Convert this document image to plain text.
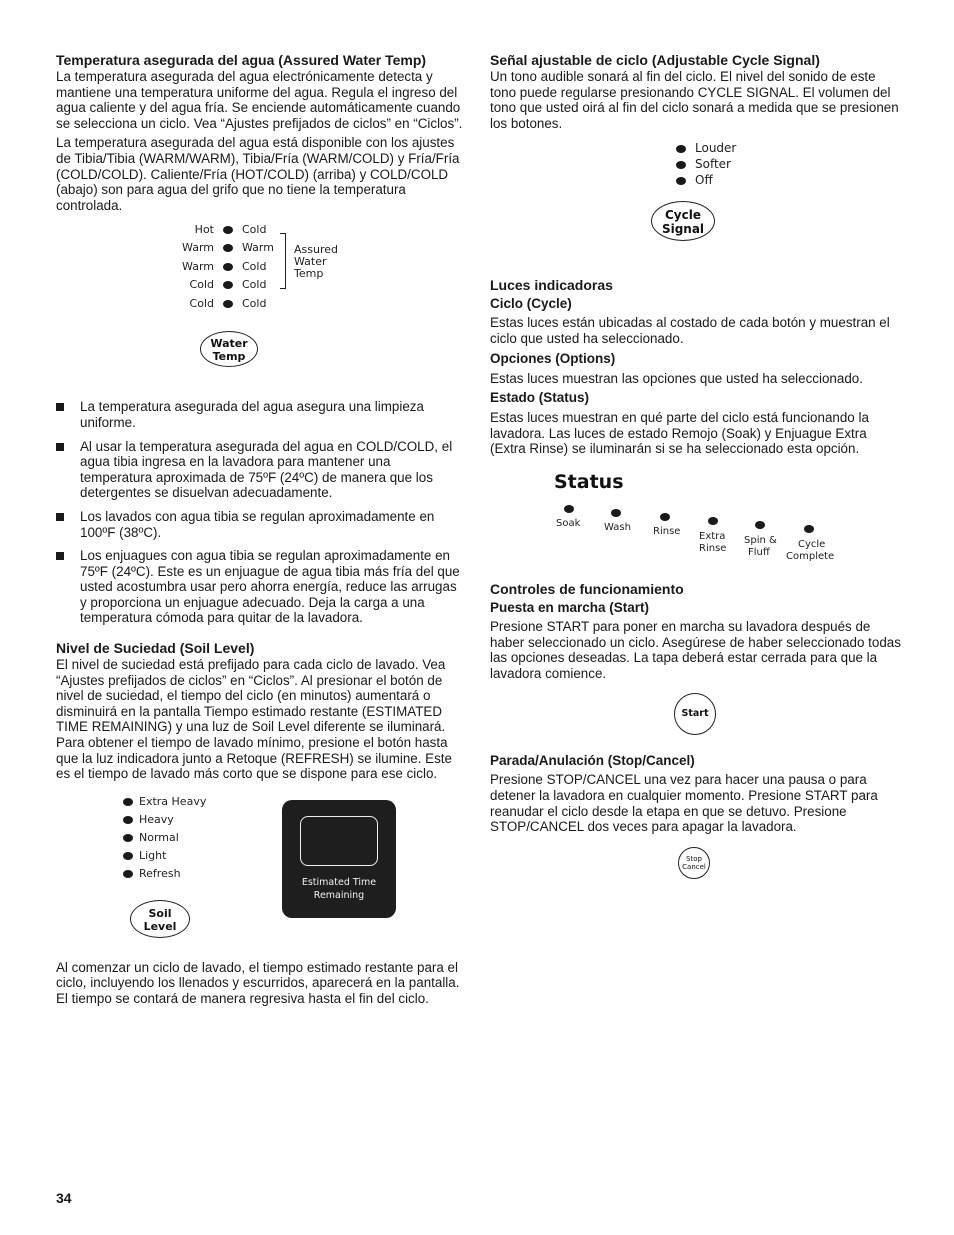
Temperatura asegurada del agua (Assured Water Temp)

La temperatura asegurada del agua electrónicamente detecta y mantiene una temperatura uniforme del agua. Regula el ingreso del agua caliente y del agua fría. Se enciende automáticamente cuando se selecciona un ciclo. Vea “Ajustes prefijados de ciclos” en “Ciclos”.

La temperatura asegurada del agua está disponible con los ajustes de Tibia/Tibia (WARM/WARM), Tibia/Fría (WARM/COLD) y Fría/Fría (COLD/COLD). Caliente/Fría (HOT/COLD) (arriba) y COLD/COLD (abajo) son para agua del grifo que no tiene la temperatura controlada.

Hot	Cold
Warm	Warm
Warm	Cold
Cold	Cold
Cold	Cold
Assured
Water
Temp
Water
Temp

La temperatura asegurada del agua asegura una limpieza uniforme.

Al usar la temperatura asegurada del agua en COLD/COLD, el agua tibia ingresa en la lavadora para mantener una temperatura aproximada de 75ºF (24ºC) de manera que los detergentes se disuelvan adecuadamente.

Los lavados con agua tibia se regulan aproximadamente en 100ºF (38ºC).

Los enjuagues con agua tibia se regulan aproximadamente en 75ºF (24ºC). Este es un enjuague de agua tibia más fría del que usted acostumbra usar pero ahorra energía, reduce las arrugas y proporciona un enjuague adecuado. Deja la carga a una temperatura cómoda para quitar de la lavadora.

Nivel de Suciedad (Soil Level)

El nivel de suciedad está prefijado para cada ciclo de lavado. Vea “Ajustes prefijados de ciclos” en “Ciclos”. Al presionar el botón de nivel de suciedad, el tiempo del ciclo (en minutos) aumentará o disminuirá en la pantalla Tiempo estimado restante (ESTIMATED TIME REMAINING) y una luz de Soil Level diferente se iluminará. Para obtener el tiempo de lavado mínimo, presione el botón hasta que la luz indicadora junto a Retoque (REFRESH) se ilumine. Este es el tiempo de lavado más corto que se dispone para ese ciclo.

Extra Heavy
Heavy
Normal
Light
Refresh
Soil
Level
Estimated Time
Remaining

Al comenzar un ciclo de lavado, el tiempo estimado restante para el ciclo, incluyendo los llenados y escurridos, aparecerá en la pantalla. El tiempo se contará de manera regresiva hasta el fin del ciclo.

Señal ajustable de ciclo (Adjustable Cycle Signal)

Un tono audible sonará al fin del ciclo. El nivel del sonido de este tono puede regularse presionando CYCLE SIGNAL. El volumen del tono que usted oirá al fin del ciclo sonará a medida que se presionen los botones.

Louder
Softer
Off
Cycle
Signal

Luces indicadoras

Ciclo (Cycle)

Estas luces están ubicadas al costado de cada botón y muestran el ciclo que usted ha seleccionado.

Opciones (Options)

Estas luces muestran las opciones que usted ha seleccionado.

Estado (Status)

Estas luces muestran en qué parte del ciclo está funcionando la lavadora. Las luces de estado Remojo (Soak) y Enjuague Extra (Extra Rinse) se iluminarán si se ha seleccionado esta opción.

Status
Soak Wash Rinse Extra
Rinse
Spin &
Fluff
Cycle
Complete

Controles de funcionamiento

Puesta en marcha (Start)

Presione START para poner en marcha su lavadora después de haber seleccionado un ciclo. Asegúrese de haber seleccionado todas las opciones deseadas. La tapa deberá estar cerrada para que la lavadora comience.

Start

Parada/Anulación (Stop/Cancel)

Presione STOP/CANCEL una vez para hacer una pausa o para detener la lavadora en cualquier momento. Presione START para reanudar el ciclo desde la etapa en que se detuvo. Presione STOP/CANCEL dos veces para apagar la lavadora.

Stop
Cancel
34
